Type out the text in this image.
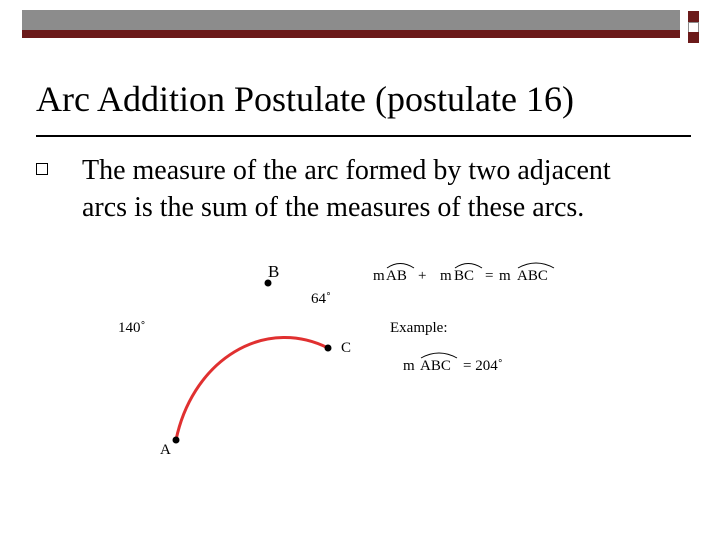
Arc Addition Postulate (postulate 16)
The measure of the arc formed by two adjacent arcs is the sum of the measures of these arcs.
B
C
A
64˚
140˚
m AB + m BC = m ABC
Example:
m ABC = 204˚
